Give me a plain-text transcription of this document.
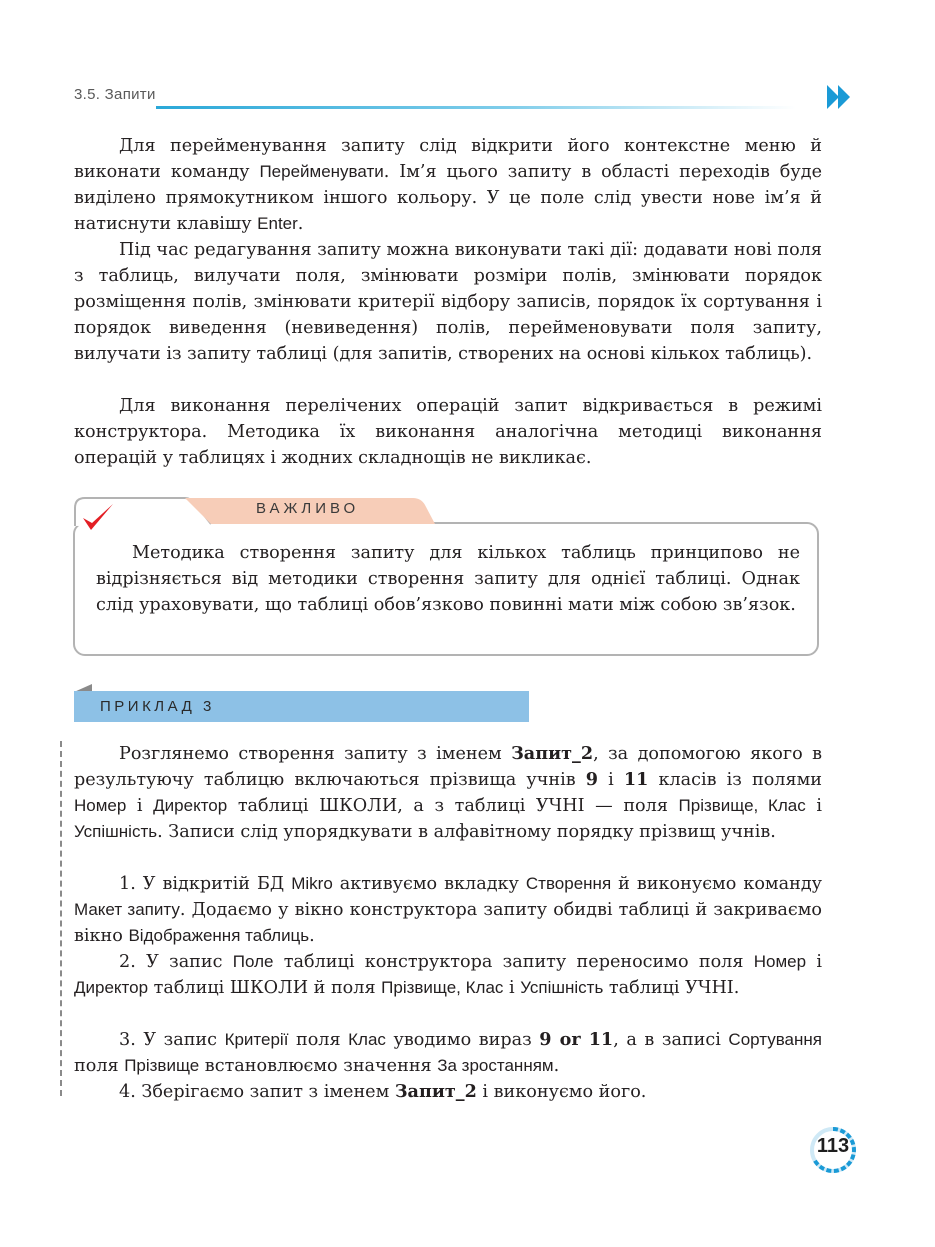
3.5. Запити

Для перейменування запиту слід відкрити його контекстне меню й виконати команду Перейменувати. Ім’я цього запиту в області переходів буде виділено прямокутником іншого кольору. У це поле слід увести нове ім’я й натиснути клавішу Enter.

Під час редагування запиту можна виконувати такі дії: додавати нові поля з таблиць, вилучати поля, змінювати розміри полів, змінювати порядок розміщення полів, змінювати критерії відбору записів, порядок їх сортування і порядок виведення (невиведення) полів, перейменовувати поля запиту, вилучати із запиту таблиці (для запитів, створених на основі кількох таблиць).

Для виконання перелічених операцій запит відкривається в режимі конструктора. Методика їх виконання аналогічна методиці виконання операцій у таблицях і жодних складнощів не викликає.

ВАЖЛИВО

Методика створення запиту для кількох таблиць принципово не відрізняється від методики створення запиту для однієї таблиці. Однак слід ураховувати, що таблиці обов’язково повинні мати між собою зв’язок.

ПРИКЛАД 3

Розглянемо створення запиту з іменем Запит_2, за допомогою якого в результуючу таблицю включаються прізвища учнів 9 і 11 класів із полями Номер і Директор таблиці ШКОЛИ, а з таблиці УЧНІ — поля Прізвище, Клас і Успішність. Записи слід упорядкувати в алфавітному порядку прізвищ учнів.

1. У відкритій БД Mikro активуємо вкладку Створення й виконуємо команду Макет запиту. Додаємо у вікно конструктора запиту обидві таблиці й закриваємо вікно Відображення таблиць.

2. У запис Поле таблиці конструктора запиту переносимо поля Номер і Директор таблиці ШКОЛИ й поля Прізвище, Клас і Успішність таблиці УЧНІ.

3. У запис Критерії поля Клас уводимо вираз 9 or 11, а в записі Сортування поля Прізвище встановлюємо значення За зростанням.

4. Зберігаємо запит з іменем Запит_2 і виконуємо його.

113
